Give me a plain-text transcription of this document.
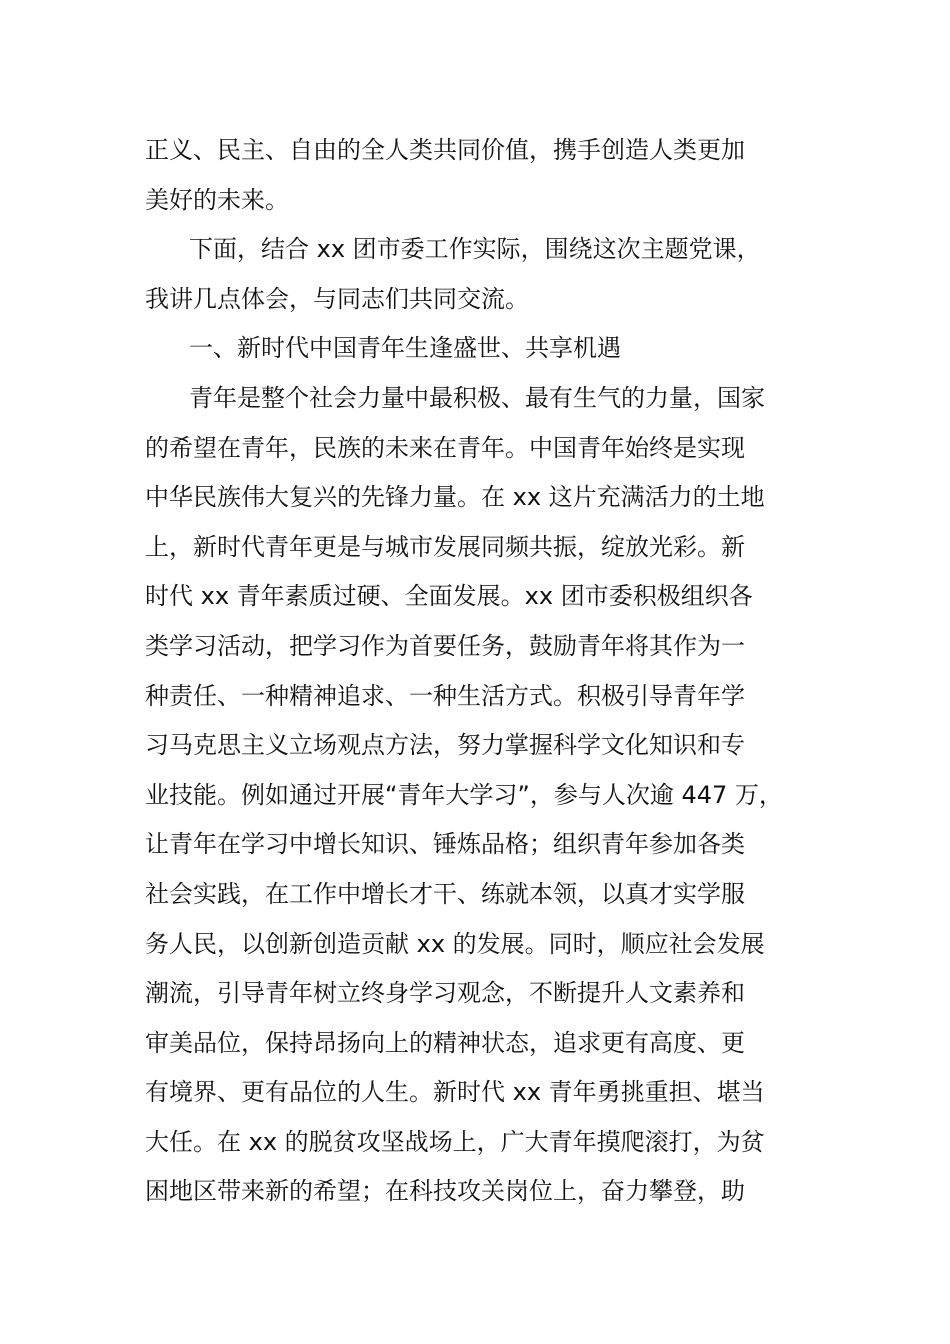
正义、民主、自由的全人类共同价值，携手创造人类更加
美好的未来。
下面，结合 xx 团市委工作实际，围绕这次主题党课，
我讲几点体会，与同志们共同交流。
一、新时代中国青年生逢盛世、共享机遇
青年是整个社会力量中最积极、最有生气的力量，国家
的希望在青年，民族的未来在青年。中国青年始终是实现
中华民族伟大复兴的先锋力量。在 xx 这片充满活力的土地
上，新时代青年更是与城市发展同频共振，绽放光彩。新
时代 xx 青年素质过硬、全面发展。xx 团市委积极组织各
类学习活动，把学习作为首要任务，鼓励青年将其作为一
种责任、一种精神追求、一种生活方式。积极引导青年学
习马克思主义立场观点方法，努力掌握科学文化知识和专
业技能。例如通过开展“青年大学习”，参与人次逾 447 万，
让青年在学习中增长知识、锤炼品格；组织青年参加各类
社会实践，在工作中增长才干、练就本领，以真才实学服
务人民，以创新创造贡献 xx 的发展。同时，顺应社会发展
潮流，引导青年树立终身学习观念，不断提升人文素养和
审美品位，保持昂扬向上的精神状态，追求更有高度、更
有境界、更有品位的人生。新时代 xx 青年勇挑重担、堪当
大任。在 xx 的脱贫攻坚战场上，广大青年摸爬滚打，为贫
困地区带来新的希望；在科技攻关岗位上，奋力攀登，助
